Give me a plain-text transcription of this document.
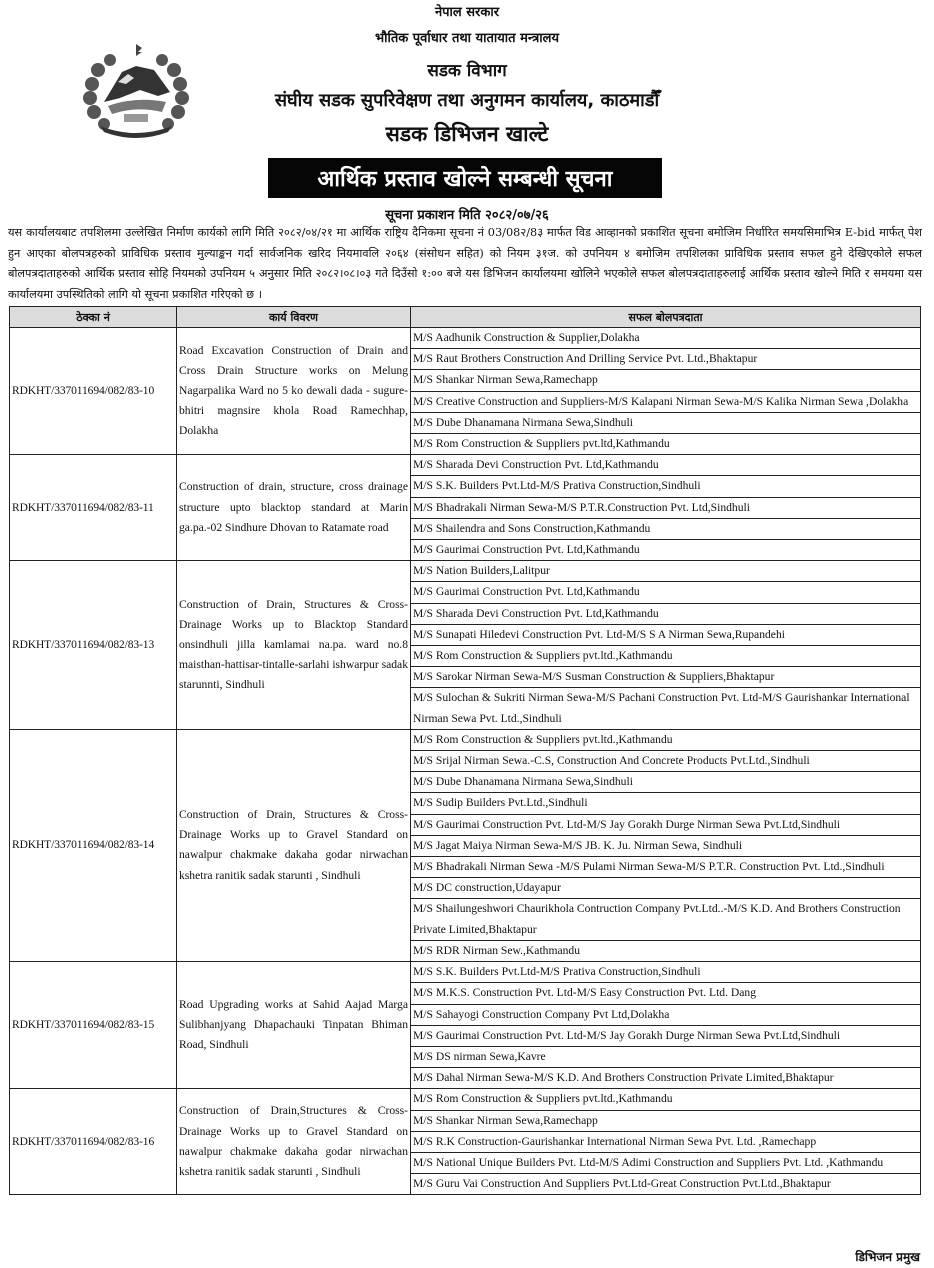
नेपाल सरकार
भौतिक पूर्वाधार तथा यातायात मन्त्रालय
सडक विभाग
संघीय सडक सुपरिवेक्षण तथा अनुगमन कार्यालय, काठमाडौँ
सडक डिभिजन खाल्टे
आर्थिक प्रस्ताव खोल्ने सम्बन्धी सूचना
सूचना प्रकाशन मिति २०८२/०७/२६
यस कार्यालयबाट तपशिलमा उल्लेखित निर्माण कार्यको लागि मिति २०८२/०४/२१ मा आर्थिक राष्ट्रिय दैनिकमा सूचना नं 03/08२/8३ मार्फत विड आव्हानको प्रकाशित सूचना बमोजिम निर्धारित समयसिमाभित्र E-bid मार्फत् पेश हुन आएका बोलपत्रहरुको प्राविधिक प्रस्ताव मुल्याङ्कन गर्दा सार्वजनिक खरिद नियमावलि २०६४ (संसोधन सहित) को नियम ३१ज. को उपनियम ४ बमोजिम तपशिलका प्राविधिक प्रस्ताव सफल हुने देखिएकोले सफल बोलपत्रदाताहरुको आर्थिक प्रस्ताव सोहि नियमको उपनियम ५ अनुसार मिति २०८२।०८।०३ गते दिउँसो १:०० बजे यस डिभिजन कार्यालयमा खोलिने भएकोले सफल बोलपत्रदाताहरुलाई आर्थिक प्रस्ताव खोल्ने मिति र समयमा यस कार्यालयमा उपस्थितिको लागि यो सूचना प्रकाशित गरिएको छ ।
ठेक्का नं	कार्य विवरण	सफल बोलपत्रदाता
RDKHT/337011694/082/83-10	Road Excavation Construction of Drain and Cross Drain Structure works on Melung Nagarpalika Ward no 5 ko dewali dada - sugure- bhitri magnsire khola Road Ramechhap, Dolakha	M/S Aadhunik Construction & Supplier,Dolakha
		M/S Raut Brothers Construction And Drilling Service Pvt. Ltd.,Bhaktapur
		M/S Shankar Nirman Sewa,Ramechapp
		M/S Creative Construction and Suppliers-M/S Kalapani Nirman Sewa-M/S Kalika Nirman Sewa ,Dolakha
		M/S Dube Dhanamana Nirmana Sewa,Sindhuli
		M/S Rom Construction & Suppliers pvt.ltd,Kathmandu
RDKHT/337011694/082/83-11	Construction of drain, structure, cross drainage structure upto blacktop standard at Marin ga.pa.-02 Sindhure Dhovan to Ratamate road	M/S Sharada Devi Construction Pvt. Ltd,Kathmandu
		M/S S.K. Builders Pvt.Ltd-M/S Prativa Construction,Sindhuli
		M/S Bhadrakali Nirman Sewa-M/S P.T.R.Construction Pvt. Ltd,Sindhuli
		M/S Shailendra and Sons Construction,Kathmandu
		M/S Gaurimai Construction Pvt. Ltd,Kathmandu
RDKHT/337011694/082/83-13	Construction of Drain, Structures & Cross-Drainage Works up to Blacktop Standard onsindhuli jilla kamlamai na.pa. ward no.8 maisthan-hattisar-tintalle-sarlahi ishwarpur sadak starunnti, Sindhuli	M/S Nation Builders,Lalitpur
		M/S Gaurimai Construction Pvt. Ltd,Kathmandu
		M/S Sharada Devi Construction Pvt. Ltd,Kathmandu
		M/S Sunapati Hiledevi Construction Pvt. Ltd-M/S S A Nirman Sewa,Rupandehi
		M/S Rom Construction & Suppliers pvt.ltd.,Kathmandu
		M/S Sarokar Nirman Sewa-M/S Susman Construction & Suppliers,Bhaktapur
		M/S Sulochan & Sukriti Nirman Sewa-M/S Pachani Construction Pvt. Ltd-M/S Gaurishankar International Nirman Sewa Pvt. Ltd.,Sindhuli
RDKHT/337011694/082/83-14	Construction of Drain, Structures & Cross-Drainage Works up to Gravel Standard on nawalpur chakmake dakaha godar nirwachan kshetra ranitik sadak starunti , Sindhuli	M/S Rom Construction & Suppliers pvt.ltd.,Kathmandu
		M/S Srijal Nirman Sewa.-C.S, Construction And Concrete Products Pvt.Ltd.,Sindhuli
		M/S Dube Dhanamana Nirmana Sewa,Sindhuli
		M/S Sudip Builders Pvt.Ltd.,Sindhuli
		M/S Gaurimai Construction Pvt. Ltd-M/S Jay Gorakh Durge Nirman Sewa Pvt.Ltd,Sindhuli
		M/S Jagat Maiya Nirman Sewa-M/S JB. K. Ju. Nirman Sewa, Sindhuli
		M/S Bhadrakali Nirman Sewa -M/S Pulami Nirman Sewa-M/S P.T.R. Construction Pvt. Ltd.,Sindhuli
		M/S DC construction,Udayapur
		M/S Shailungeshwori Chaurikhola Contruction Company Pvt.Ltd..-M/S K.D. And Brothers Construction Private Limited,Bhaktapur
		M/S RDR Nirman Sew.,Kathmandu
RDKHT/337011694/082/83-15	Road Upgrading works at Sahid Aajad Marga Sulibhanjyang Dhapachauki Tinpatan Bhiman Road, Sindhuli	M/S S.K. Builders Pvt.Ltd-M/S Prativa Construction,Sindhuli
		M/S M.K.S. Construction Pvt. Ltd-M/S Easy Construction Pvt. Ltd. Dang
		M/S Sahayogi Construction Company Pvt Ltd,Dolakha
		M/S Gaurimai Construction Pvt. Ltd-M/S Jay Gorakh Durge Nirman Sewa Pvt.Ltd,Sindhuli
		M/S DS nirman Sewa,Kavre
		M/S Dahal Nirman Sewa-M/S K.D. And Brothers Construction Private Limited,Bhaktapur
RDKHT/337011694/082/83-16	Construction of Drain,Structures & Cross-Drainage Works up to Gravel Standard on nawalpur chakmake dakaha godar nirwachan kshetra ranitik sadak starunti , Sindhuli	M/S Rom Construction & Suppliers pvt.ltd.,Kathmandu
		M/S Shankar Nirman Sewa,Ramechapp
		M/S R.K Construction-Gaurishankar International Nirman Sewa Pvt. Ltd. ,Ramechapp
		M/S National Unique Builders Pvt. Ltd-M/S Adimi Construction and Suppliers Pvt. Ltd. ,Kathmandu
		M/S Guru Vai Construction And Suppliers Pvt.Ltd-Great Construction Pvt.Ltd.,Bhaktapur
डिभिजन प्रमुख
